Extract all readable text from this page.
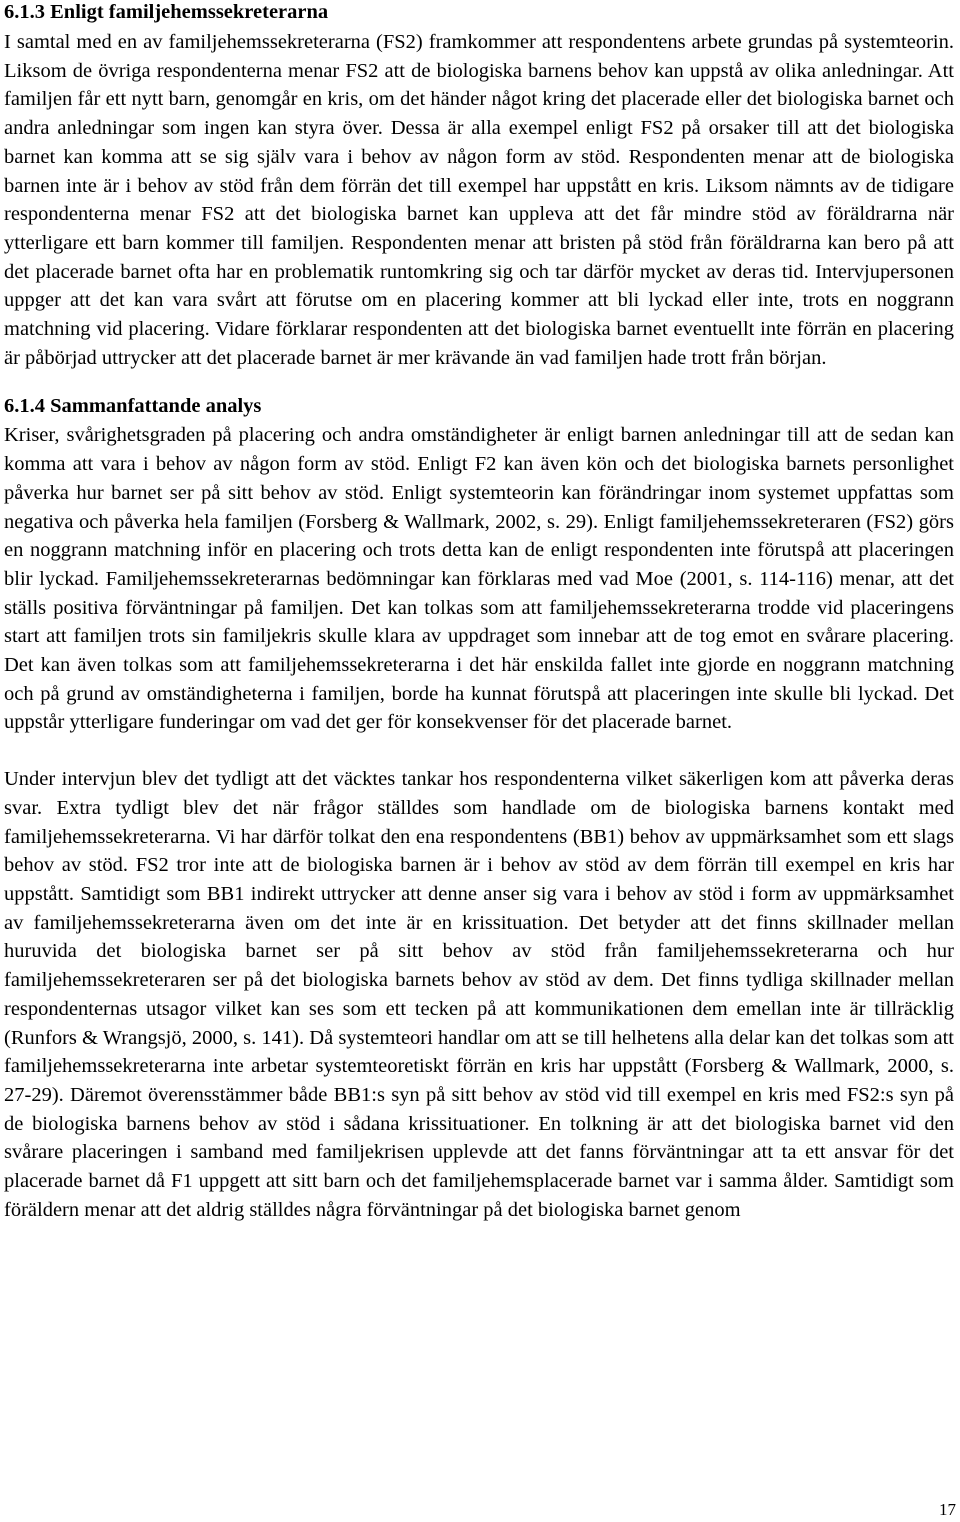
6.1.3 Enligt familjehemssekreterarna

I samtal med en av familjehemssekreterarna (FS2) framkommer att respondentens arbete grundas på systemteorin. Liksom de övriga respondenterna menar FS2 att de biologiska barnens behov kan uppstå av olika anledningar. Att familjen får ett nytt barn, genomgår en kris, om det händer något kring det placerade eller det biologiska barnet och andra anledningar som ingen kan styra över. Dessa är alla exempel enligt FS2 på orsaker till att det biologiska barnet kan komma att se sig själv vara i behov av någon form av stöd. Respondenten menar att de biologiska barnen inte är i behov av stöd från dem förrän det till exempel har uppstått en kris. Liksom nämnts av de tidigare respondenterna menar FS2 att det biologiska barnet kan uppleva att det får mindre stöd av föräldrarna när ytterligare ett barn kommer till familjen. Respondenten menar att bristen på stöd från föräldrarna kan bero på att det placerade barnet ofta har en problematik runtomkring sig och tar därför mycket av deras tid. Intervjupersonen uppger att det kan vara svårt att förutse om en placering kommer att bli lyckad eller inte, trots en noggrann matchning vid placering. Vidare förklarar respondenten att det biologiska barnet eventuellt inte förrän en placering är påbörjad uttrycker att det placerade barnet är mer krävande än vad familjen hade trott från början.

6.1.4 Sammanfattande analys

Kriser, svårighetsgraden på placering och andra omständigheter är enligt barnen anledningar till att de sedan kan komma att vara i behov av någon form av stöd. Enligt F2 kan även kön och det biologiska barnets personlighet påverka hur barnet ser på sitt behov av stöd. Enligt systemteorin kan förändringar inom systemet uppfattas som negativa och påverka hela familjen (Forsberg & Wallmark, 2002, s. 29). Enligt familjehemssekreteraren (FS2) görs en noggrann matchning inför en placering och trots detta kan de enligt respondenten inte förutspå att placeringen blir lyckad. Familjehemssekreterarnas bedömningar kan förklaras med vad Moe (2001, s. 114-116) menar, att det ställs positiva förväntningar på familjen. Det kan tolkas som att familjehemssekreterarna trodde vid placeringens start att familjen trots sin familjekris skulle klara av uppdraget som innebar att de tog emot en svårare placering. Det kan även tolkas som att familjehemssekreterarna i det här enskilda fallet inte gjorde en noggrann matchning och på grund av omständigheterna i familjen, borde ha kunnat förutspå att placeringen inte skulle bli lyckad. Det uppstår ytterligare funderingar om vad det ger för konsekvenser för det placerade barnet.

Under intervjun blev det tydligt att det väcktes tankar hos respondenterna vilket säkerligen kom att påverka deras svar. Extra tydligt blev det när frågor ställdes som handlade om de biologiska barnens kontakt med familjehemssekreterarna. Vi har därför tolkat den ena respondentens (BB1) behov av uppmärksamhet som ett slags behov av stöd. FS2 tror inte att de biologiska barnen är i behov av stöd av dem förrän till exempel en kris har uppstått. Samtidigt som BB1 indirekt uttrycker att denne anser sig vara i behov av stöd i form av uppmärksamhet av familjehemssekreterarna även om det inte är en krissituation. Det betyder att det finns skillnader mellan huruvida det biologiska barnet ser på sitt behov av stöd från familjehemssekreterarna och hur familjehemssekreteraren ser på det biologiska barnets behov av stöd av dem. Det finns tydliga skillnader mellan respondenternas utsagor vilket kan ses som ett tecken på att kommunikationen dem emellan inte är tillräcklig (Runfors & Wrangsjö, 2000, s. 141). Då systemteori handlar om att se till helhetens alla delar kan det tolkas som att familjehemssekreterarna inte arbetar systemteoretiskt förrän en kris har uppstått (Forsberg & Wallmark, 2000, s. 27-29). Däremot överensstämmer både BB1:s syn på sitt behov av stöd vid till exempel en kris med FS2:s syn på de biologiska barnens behov av stöd i sådana krissituationer. En tolkning är att det biologiska barnet vid den svårare placeringen i samband med familjekrisen upplevde att det fanns förväntningar att ta ett ansvar för det placerade barnet då F1 uppgett att sitt barn och det familjehemsplacerade barnet var i samma ålder. Samtidigt som föräldern menar att det aldrig ställdes några förväntningar på det biologiska barnet genom

17
